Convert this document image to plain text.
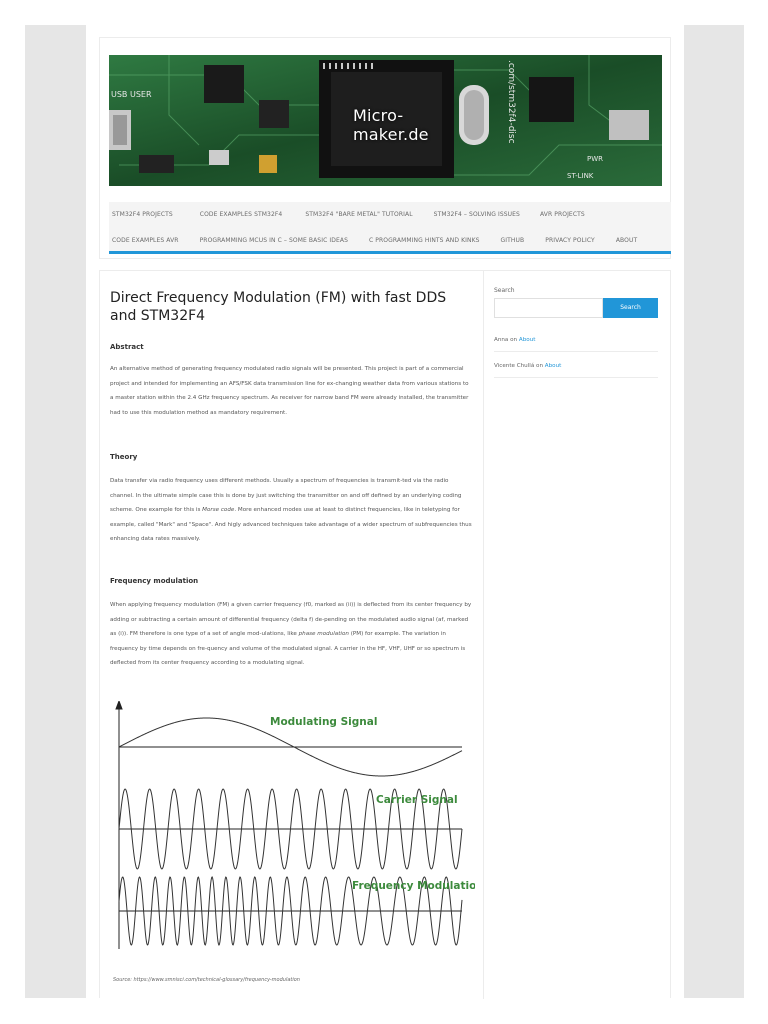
USB USER
PWR
ST-LINK
.com/stm32f4-disc
Micro-
maker.de
STM32F4 PROJECTS	CODE EXAMPLES STM32F4	STM32F4 "BARE METAL" TUTORIAL	STM32F4 – SOLVING ISSUES	AVR PROJECTS
CODE EXAMPLES AVR	PROGRAMMING MCUS IN C – SOME BASIC IDEAS	C PROGRAMMING HINTS AND KINKS	GITHUB	PRIVACY POLICY	ABOUT
Direct Frequency Modulation (FM) with fast DDS and STM32F4
Abstract

An alternative method of generating frequency modulated radio signals will be presented. This project is part of a commercial project and intended for implementing an AFS/FSK data transmission line for ex-changing weather data from various stations to a master station within the 2.4 GHz frequency spectrum. As receiver for narrow band FM were already installed, the transmitter had to use this modulation method as mandatory requirement.

Theory

Data transfer via radio frequency uses different methods. Usually a spectrum of frequencies is transmit-ted via the radio channel. In the ultimate simple case this is done by just switching the transmitter on and off defined by an underlying coding scheme. One example for this is Morse code. More enhanced modes use at least to distinct frequencies, like in teletyping for example, called "Mark" and "Space". And higly advanced techniques take advantage of a wider spectrum of subfrequencies thus enhancing data rates massively.

Frequency modulation

When applying frequency modulation (FM) a given carrier frequency (f0, marked as (ii)) is deflected from its center frequency by adding or subtracting a certain amount of differential frequency (delta f) de-pending on the modulated audio signal (af, marked as (i)). FM therefore is one type of a set of angle mod-ulations, like phase modulation (PM) for example. The variation in frequency by time depends on fre-quency and volume of the modulated signal. A carrier in the HF, VHF, UHF or so spectrum is deflected from its center frequency according to a modulating signal.

Modulating Signal
Carrier Signal
Frequency Modulation
Source: https://www.smnisci.com/technical-glossary/frequency-modulation
Search
Search
Anna on About
Vicente Chullá on About
